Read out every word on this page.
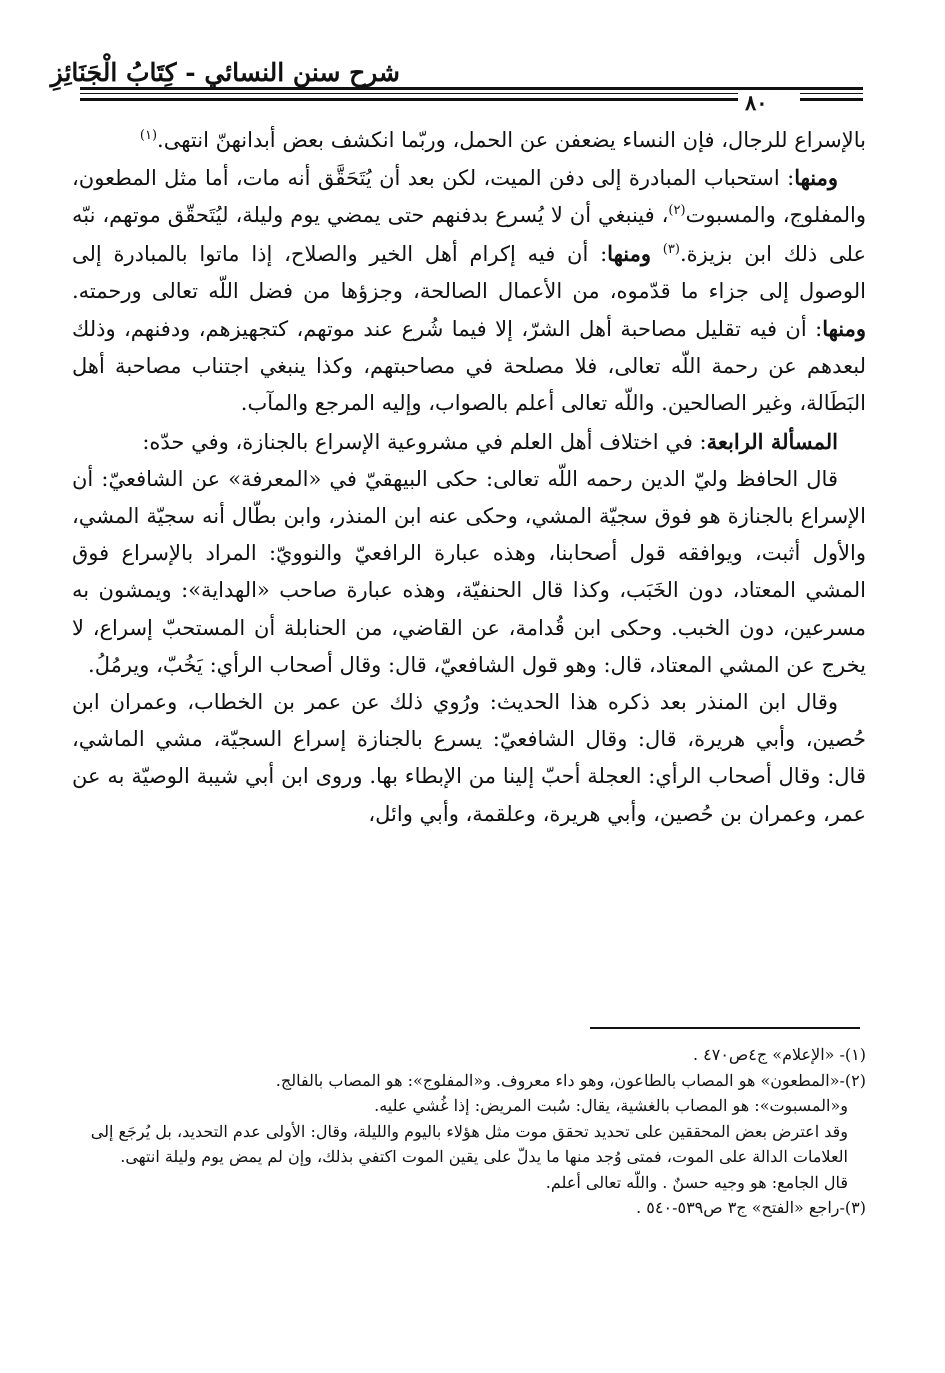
شرح سنن النسائي - كِتَابُ الْجَنَائِزِ
٨٠

بالإسراع للرجال، فإن النساء يضعفن عن الحمل، وربّما انكشف بعض أبدانهنّ انتهى.$^{(١)}$

ومنها: استحباب المبادرة إلى دفن الميت، لكن بعد أن يُتَحَقَّق أنه مات، أما مثل المطعون، والمفلوج، والمسبوت$^{(٢)}$، فينبغي أن لا يُسرع بدفنهم حتى يمضي يوم وليلة، ليُتَحقّق موتهم، نبّه على ذلك ابن بزيزة.$^{(٣)}$ ومنها: أن فيه إكرام أهل الخير والصلاح، إذا ماتوا بالمبادرة إلى الوصول إلى جزاء ما قدّموه، من الأعمال الصالحة، وجزؤها من فضل اللّه تعالى ورحمته. ومنها: أن فيه تقليل مصاحبة أهل الشرّ، إلا فيما شُرع عند موتهم، كتجهيزهم، ودفنهم، وذلك لبعدهم عن رحمة اللّه تعالى، فلا مصلحة في مصاحبتهم، وكذا ينبغي اجتناب مصاحبة أهل البَطَالة، وغير الصالحين. واللّه تعالى أعلم بالصواب، وإليه المرجع والمآب.

المسألة الرابعة: في اختلاف أهل العلم في مشروعية الإسراع بالجنازة، وفي حدّه:

قال الحافظ وليّ الدين رحمه اللّه تعالى: حكى البيهقيّ في «المعرفة» عن الشافعيّ: أن الإسراع بالجنازة هو فوق سجيّة المشي، وحكى عنه ابن المنذر، وابن بطّال أنه سجيّة المشي، والأول أثبت، ويوافقه قول أصحابنا، وهذه عبارة الرافعيّ والنوويّ: المراد بالإسراع فوق المشي المعتاد، دون الخَبَب، وكذا قال الحنفيّة، وهذه عبارة صاحب «الهداية»: ويمشون به مسرعين، دون الخبب. وحكى ابن قُدامة، عن القاضي، من الحنابلة أن المستحبّ إسراع، لا يخرج عن المشي المعتاد، قال: وهو قول الشافعيّ، قال: وقال أصحاب الرأي: يَخُبّ، ويرمُلُ.

وقال ابن المنذر بعد ذكره هذا الحديث: ورُوي ذلك عن عمر بن الخطاب، وعمران ابن حُصين، وأبي هريرة، قال: وقال الشافعيّ: يسرع بالجنازة إسراع السجيّة، مشي الماشي، قال: وقال أصحاب الرأي: العجلة أحبّ إلينا من الإبطاء بها. وروى ابن أبي شيبة الوصيّة به عن عمر، وعمران بن حُصين، وأبي هريرة، وعلقمة، وأبي وائل،

(١)- «الإعلام» ج٤ص٤٧٠ .

(٢)-«المطعون» هو المصاب بالطاعون، وهو داء معروف. و«المفلوج»: هو المصاب بالفالج.

و«المسبوت»: هو المصاب بالغشية، يقال: سُبت المريض: إذا غُشي عليه.

وقد اعترض بعض المحققين على تحديد تحقق موت مثل هؤلاء باليوم والليلة، وقال: الأولى عدم التحديد، بل يُرجَع إلى العلامات الدالة على الموت، فمتى وُجد منها ما يدلّ على يقين الموت اكتفي بذلك، وإن لم يمض يوم وليلة انتهى.

قال الجامع: هو وجيه حسنٌ . واللّه تعالى أعلم.

(٣)-راجع «الفتح» ج٣ ص٥٣٩-٥٤٠ .
